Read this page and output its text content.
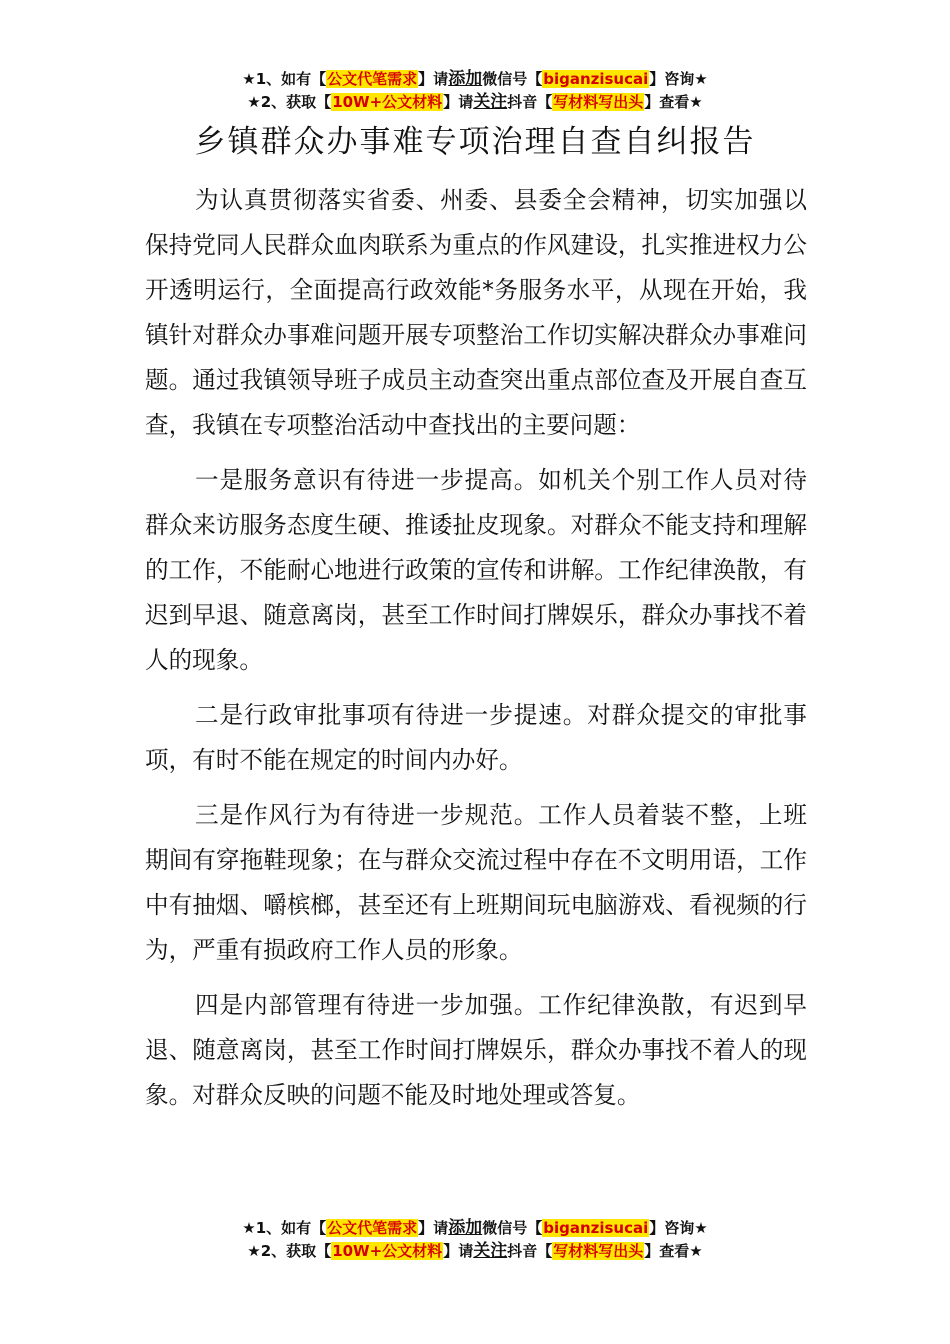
★1、如有【公文代笔需求】请添加微信号【biganzisucai】咨询★
★2、获取【10W+公文材料】请关注抖音【写材料写出头】查看★
乡镇群众办事难专项治理自查自纠报告

为认真贯彻落实省委、州委、县委全会精神，切实加强以保持党同人民群众血肉联系为重点的作风建设，扎实推进权力公开透明运行，全面提高行政效能*务服务水平，从现在开始，我镇针对群众办事难问题开展专项整治工作切实解决群众办事难问题。通过我镇领导班子成员主动查突出重点部位查及开展自查互查，我镇在专项整治活动中查找出的主要问题：

一是服务意识有待进一步提高。如机关个别工作人员对待群众来访服务态度生硬、推诿扯皮现象。对群众不能支持和理解的工作，不能耐心地进行政策的宣传和讲解。工作纪律涣散，有迟到早退、随意离岗，甚至工作时间打牌娱乐，群众办事找不着人的现象。

二是行政审批事项有待进一步提速。对群众提交的审批事项，有时不能在规定的时间内办好。

三是作风行为有待进一步规范。工作人员着装不整，上班期间有穿拖鞋现象；在与群众交流过程中存在不文明用语，工作中有抽烟、嚼槟榔，甚至还有上班期间玩电脑游戏、看视频的行为，严重有损政府工作人员的形象。

四是内部管理有待进一步加强。工作纪律涣散，有迟到早退、随意离岗，甚至工作时间打牌娱乐，群众办事找不着人的现象。对群众反映的问题不能及时地处理或答复。

★1、如有【公文代笔需求】请添加微信号【biganzisucai】咨询★
★2、获取【10W+公文材料】请关注抖音【写材料写出头】查看★
